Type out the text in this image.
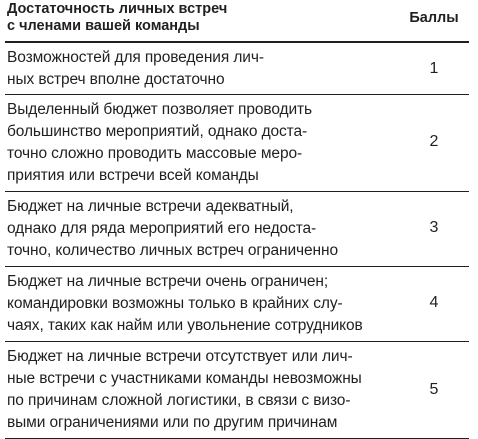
Достаточность личных встреч
с членами вашей команды	Баллы
Возможностей для проведения лич-
ных встреч вполне достаточно
1
Выделенный бюджет позволяет проводить
большинство мероприятий, однако доста-
точно сложно проводить массовые меро-
приятия или встречи всей команды
2
Бюджет на личные встречи адекватный,
однако для ряда мероприятий его недоста-
точно, количество личных встреч ограниченно
3
Бюджет на личные встречи очень ограничен;
командировки возможны только в крайних слу-
чаях, таких как найм или увольнение сотрудников
4
Бюджет на личные встречи отсутствует или лич-
ные встречи с участниками команды невозможны
по причинам сложной логистики, в связи с визо-
выми ограничениями или по другим причинам
5
